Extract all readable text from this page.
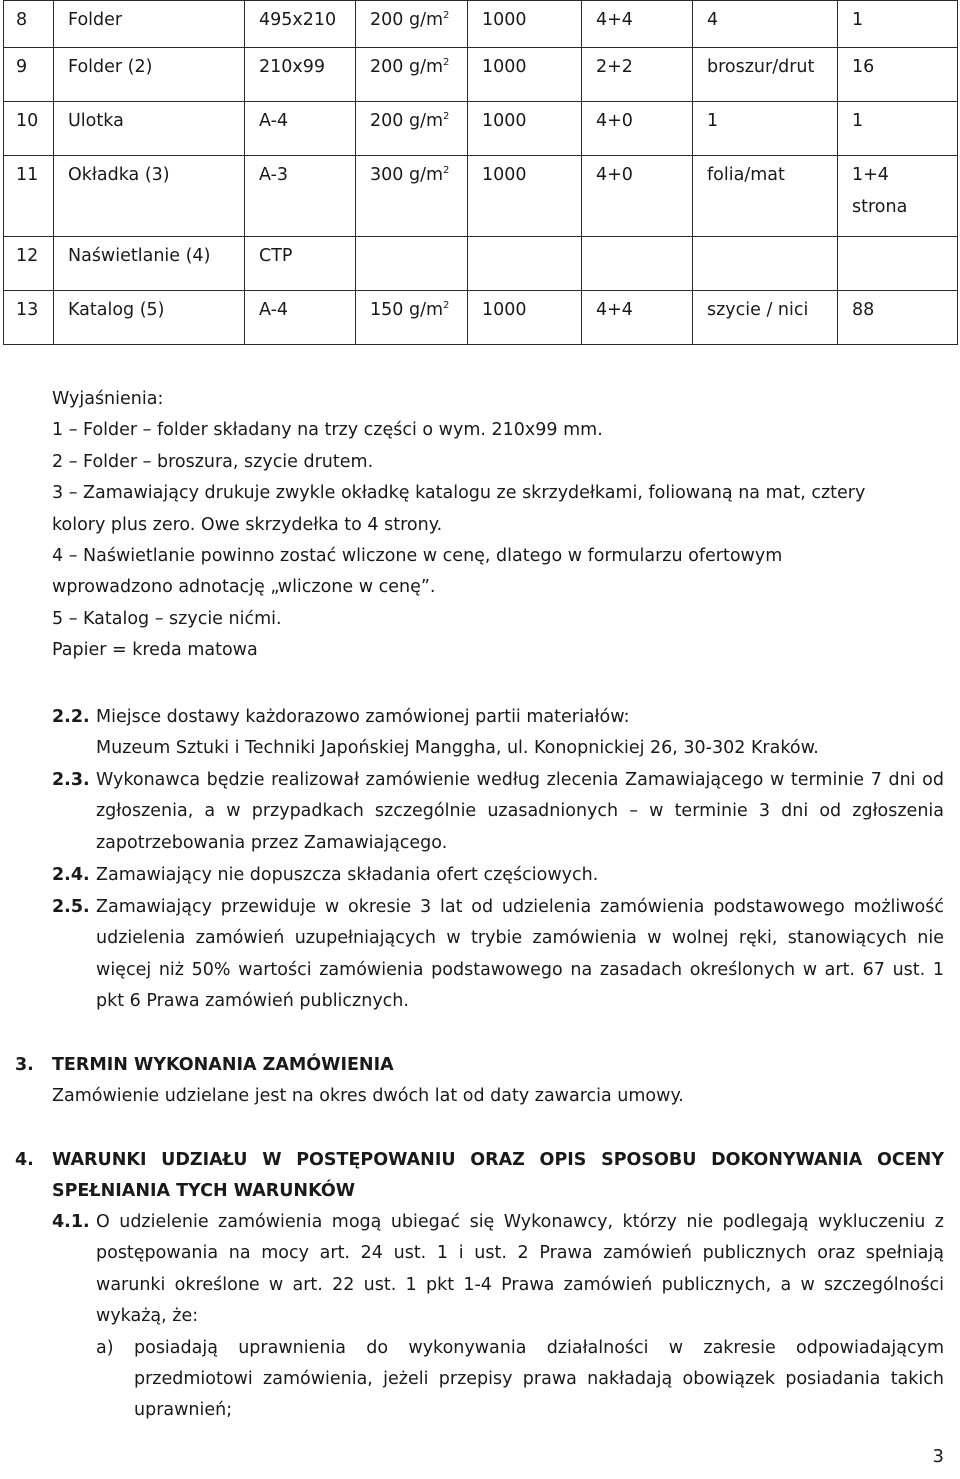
8	Folder	495x210	200 $g/m^2$	1000	4+4	4	1

9	Folder (2)	210x99	200 $g/m^2$	1000	2+2	broszur/drut	16

10	Ulotka	A-4	200 $g/m^2$	1000	4+0	1	1

11	Okładka (3)	A-3	300 $g/m^2$	1000	4+0	folia/mat	1+4
strona

12	Naświetlanie (4)	CTP					

13	Katalog (5)	A-4	150 $g/m^2$	1000	4+4	szycie / nici	88
Wyjaśnienia:
1 – Folder – folder składany na trzy części o wym. 210x99 mm.
2 – Folder – broszura, szycie drutem.
3 – Zamawiający drukuje zwykle okładkę katalogu ze skrzydełkami, foliowaną na mat, cztery
kolory plus zero. Owe skrzydełka to 4 strony.
4 – Naświetlanie powinno zostać wliczone w cenę, dlatego w formularzu ofertowym
wprowadzono adnotację „wliczone w cenę”.
5 – Katalog – szycie nićmi.
Papier = kreda matowa
2.2. Miejsce dostawy każdorazowo zamówionej partii materiałów:
Muzeum Sztuki i Techniki Japońskiej Manggha, ul. Konopnickiej 26, 30-302 Kraków.
2.3. Wykonawca będzie realizował zamówienie według zlecenia Zamawiającego w terminie 7 dni od zgłoszenia, a w przypadkach szczególnie uzasadnionych – w terminie 3 dni od zgłoszenia zapotrzebowania przez Zamawiającego.
2.4. Zamawiający nie dopuszcza składania ofert częściowych.
2.5. Zamawiający przewiduje w okresie 3 lat od udzielenia zamówienia podstawowego możliwość udzielenia zamówień uzupełniających w trybie zamówienia w wolnej ręki, stanowiących nie więcej niż 50% wartości zamówienia podstawowego na zasadach określonych w art. 67 ust. 1 pkt 6 Prawa zamówień publicznych.
3. TERMIN WYKONANIA ZAMÓWIENIA
Zamówienie udzielane jest na okres dwóch lat od daty zawarcia umowy.
4. WARUNKI UDZIAŁU W POSTĘPOWANIU ORAZ OPIS SPOSOBU DOKONYWANIA OCENY SPEŁNIANIA TYCH WARUNKÓW
4.1. O udzielenie zamówienia mogą ubiegać się Wykonawcy, którzy nie podlegają wykluczeniu z postępowania na mocy art. 24 ust. 1 i ust. 2 Prawa zamówień publicznych oraz spełniają warunki określone w art. 22 ust. 1 pkt 1-4 Prawa zamówień publicznych, a w szczególności wykażą, że:
a) posiadają uprawnienia do wykonywania działalności w zakresie odpowiadającym przedmiotowi zamówienia, jeżeli przepisy prawa nakładają obowiązek posiadania takich uprawnień;
3
